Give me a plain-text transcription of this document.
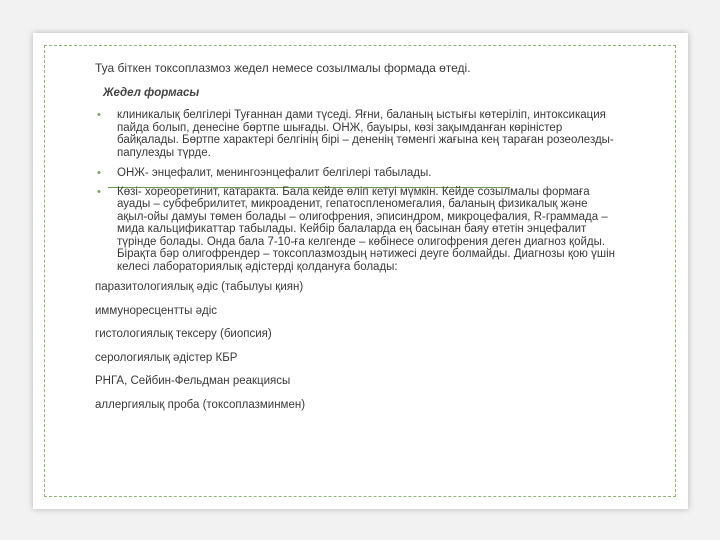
Туа біткен токсоплазмоз жедел немесе созылмалы формада өтеді.

Жедел формасы

• клиникалық белгілері Туғаннан дами түседі. Яғни, баланың ыстығы көтеріліп, интоксикация пайда болып, денесіне бөртпе шығады. ОНЖ, бауыры, көзі зақымданған көріністер байқалады. Бөртпе характері белгінің бірі – дененің төменгі жағына кең тараған розеолезды-папулезды түрде.
• ОНЖ- энцефалит, менингоэнцефалит белгілері табылады.
• Көзі- хореоретинит, катаракта. Бала кейде өліп кетуі мүмкін. Кейде созылмалы формаға ауады – субфебрилитет, микроаденит, гепатоспленомегалия, баланың физикалық және ақыл-ойы дамуы төмен болады – олигофрения, эписиндром, микроцефалия, R-граммада – мида кальцификаттар табылады. Кейбір балаларда ең басынан баяу өтетін энцефалит түрінде болады. Онда бала 7-10-ға келгенде – көбінесе олигофрения деген диагноз қойды. Бірақта бәр олигофрендер – токсоплазмоздың нәтижесі деуге болмайды. Диагнозы қою үшін келесі лабораториялық әдістерді қолдануға болады:

паразитологиялық әдіс (табылуы қиян)

иммуноресцентты әдіс

гистологиялық тексеру (биопсия)

серологиялық әдістер КБР

РНГА, Сейбин-Фельдман реакциясы

аллергиялық проба (токсоплазминмен)
